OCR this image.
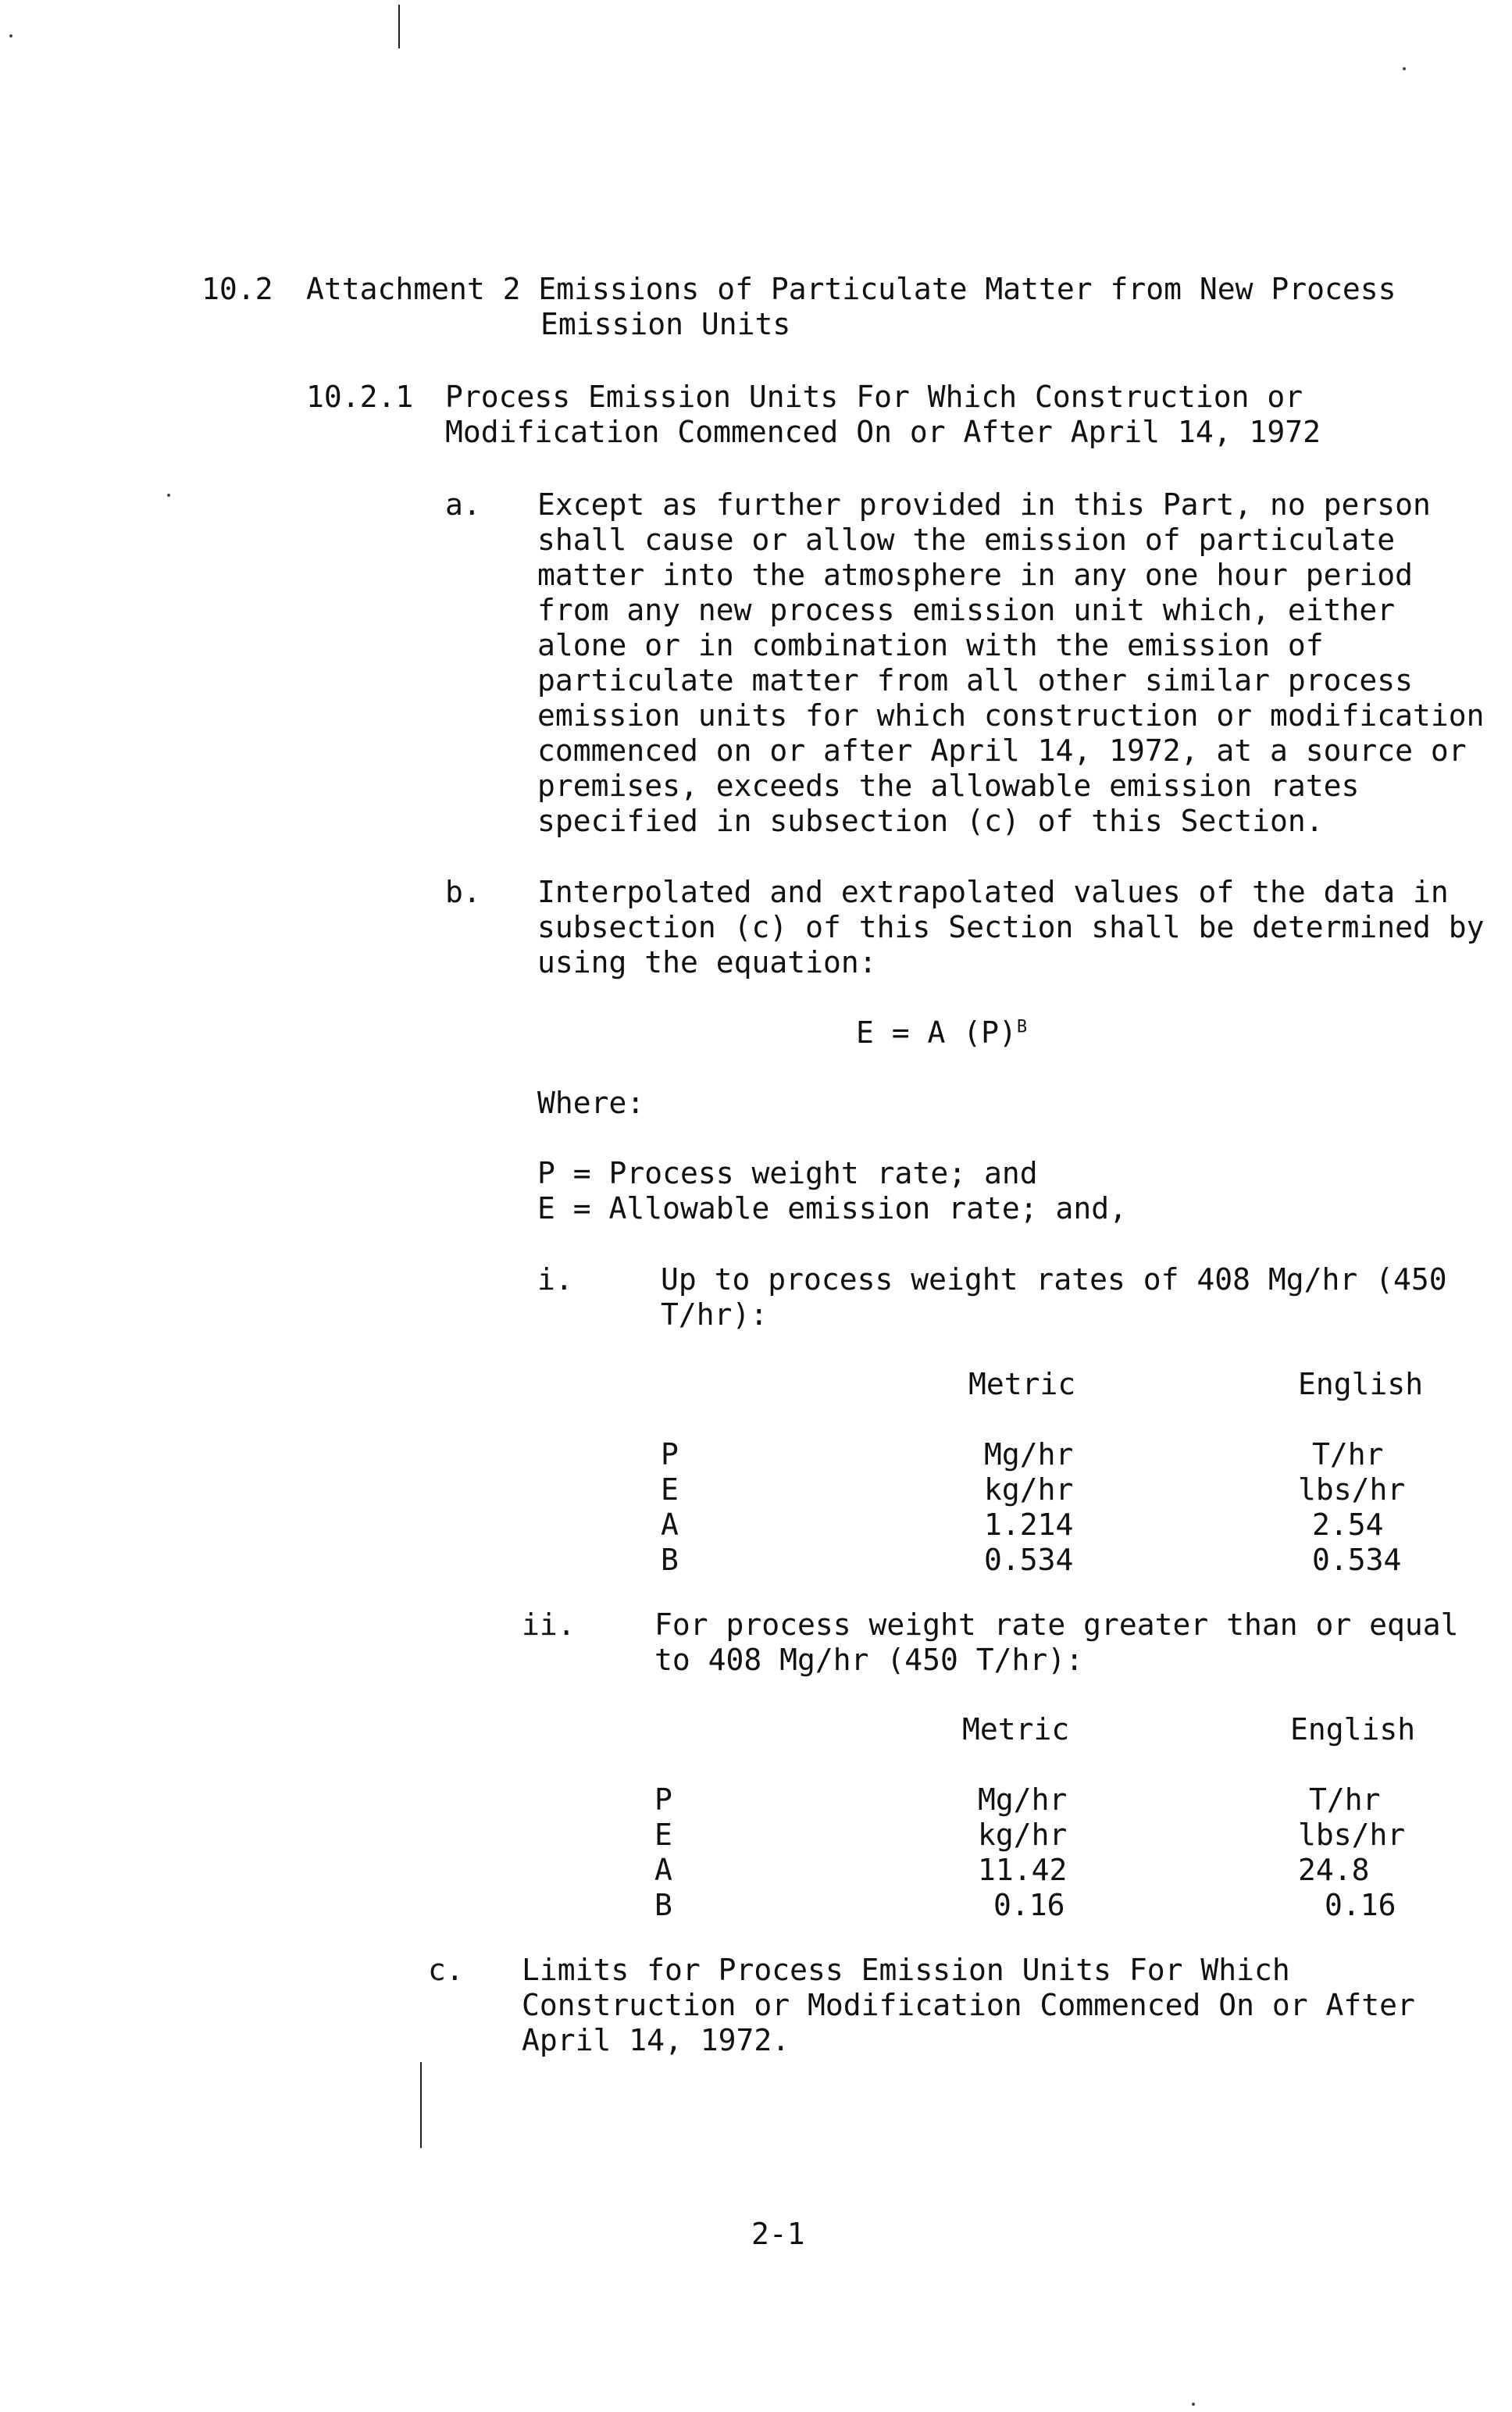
10.2 Attachment 2 Emissions of Particulate Matter from New Process
Emission Units
10.2.1 Process Emission Units For Which Construction or
Modification Commenced On or After April 14, 1972
a. Except as further provided in this Part, no person
shall cause or allow the emission of particulate
matter into the atmosphere in any one hour period
from any new process emission unit which, either
alone or in combination with the emission of
particulate matter from all other similar process
emission units for which construction or modification
commenced on or after April 14, 1972, at a source or
premises, exceeds the allowable emission rates
specified in subsection (c) of this Section.
b. Interpolated and extrapolated values of the data in
subsection (c) of this Section shall be determined by
using the equation:
E = A $(P)^B$
Where:
P = Process weight rate; and
E = Allowable emission rate; and,
i.	Up to process weight rates of 408 Mg/hr (450
T/hr):
Metric	English
P	Mg/hr	T/hr
E	kg/hr	lbs/hr
A	1.214	2.54
B	0.534	0.534
ii.	For process weight rate greater than or equal
to 408 Mg/hr (450 T/hr):
Metric	English
P	Mg/hr	T/hr
E	kg/hr	lbs/hr
A	11.42	24.8
B	0.16	0.16
c. Limits for Process Emission Units For Which
Construction or Modification Commenced On or After
April 14, 1972.
2-1
